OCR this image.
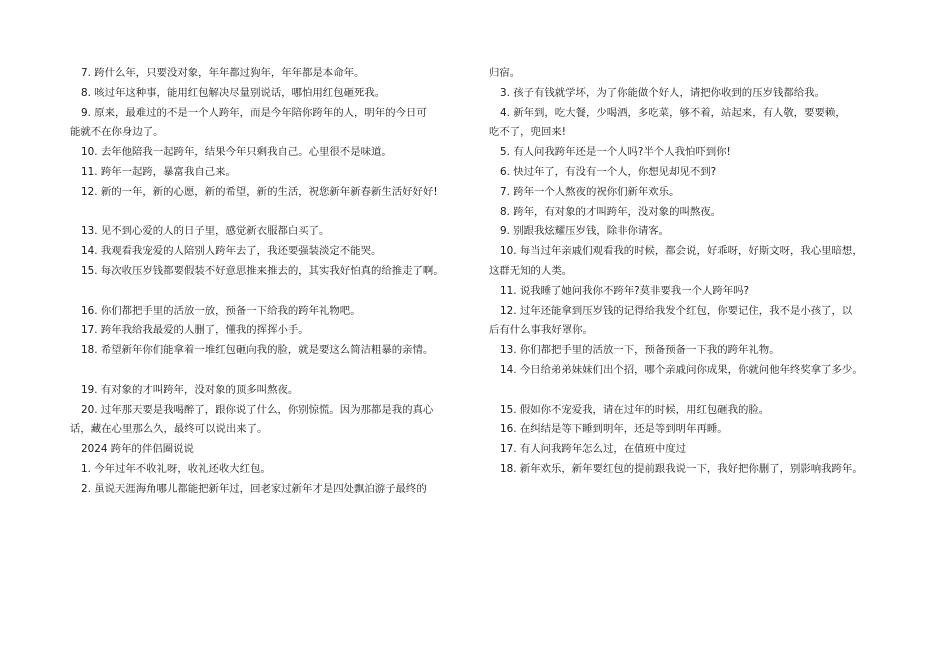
7. 跨什么年，只要没对象，年年都过狗年，年年都是本命年。
8. 咳过年这种事，能用红包解决尽量别说话，哪怕用红包砸死我。
9. 原来，最难过的不是一个人跨年，而是今年陪你跨年的人，明年的今日可
能就不在你身边了。
10. 去年他陪我一起跨年，结果今年只剩我自己。心里很不是味道。
11. 跨年一起跨，暴富我自己来。
12. 新的一年，新的心愿，新的希望，新的生活，祝您新年新春新生活好好好!
13. 见不到心爱的人的日子里，感觉新衣服都白买了。
14. 我观看我宠爱的人陪别人跨年去了，我还要强装淡定不能哭。
15. 每次收压岁钱都要假装不好意思推来推去的，其实我好怕真的给推走了啊。
16. 你们都把手里的活放一放，预备一下给我的跨年礼物吧。
17. 跨年我给我最爱的人删了，懂我的挥挥小手。
18. 希望新年你们能拿着一堆红包砸向我的脸，就是要这么简洁粗暴的亲情。
19. 有对象的才叫跨年，没对象的顶多叫熬夜。
20. 过年那天要是我喝醉了，跟你说了什么，你别惊慌。因为那都是我的真心
话，藏在心里那么久，最终可以说出来了。
2024 跨年的伴侣圈说说
1. 今年过年不收礼呀，收礼还收大红包。
2. 虽说天涯海角哪儿都能把新年过，回老家过新年才是四处飘泊游子最终的
归宿。
3. 孩子有钱就学坏，为了你能做个好人，请把你收到的压岁钱都给我。
4. 新年到，吃大餐，少喝酒，多吃菜，够不着，站起来，有人敬，要要赖，
吃不了，兜回来!
5. 有人问我跨年还是一个人吗?半个人我怕吓到你!
6. 快过年了，有没有一个人，你想见却见不到?
7. 跨年一个人熬夜的祝你们新年欢乐。
8. 跨年，有对象的才叫跨年，没对象的叫熬夜。
9. 别跟我炫耀压岁钱，除非你请客。
10. 每当过年亲戚们观看我的时候，都会说，好乖呀，好斯文呀，我心里暗想，
这群无知的人类。
11. 说我睡了她问我你不跨年?莫非要我一个人跨年吗?
12. 过年还能拿到压岁钱的记得给我发个红包，你要记住，我不是小孩了，以
后有什么事我好罩你。
13. 你们都把手里的活放一下，预备预备一下我的跨年礼物。
14. 今日给弟弟妹妹们出个招，哪个亲戚问你成果，你就问他年终奖拿了多少。
15. 假如你不宠爱我，请在过年的时候，用红包砸我的脸。
16. 在纠结是等下睡到明年，还是等到明年再睡。
17. 有人问我跨年怎么过，在值班中度过
18. 新年欢乐，新年要红包的提前跟我说一下，我好把你删了，别影响我跨年。
